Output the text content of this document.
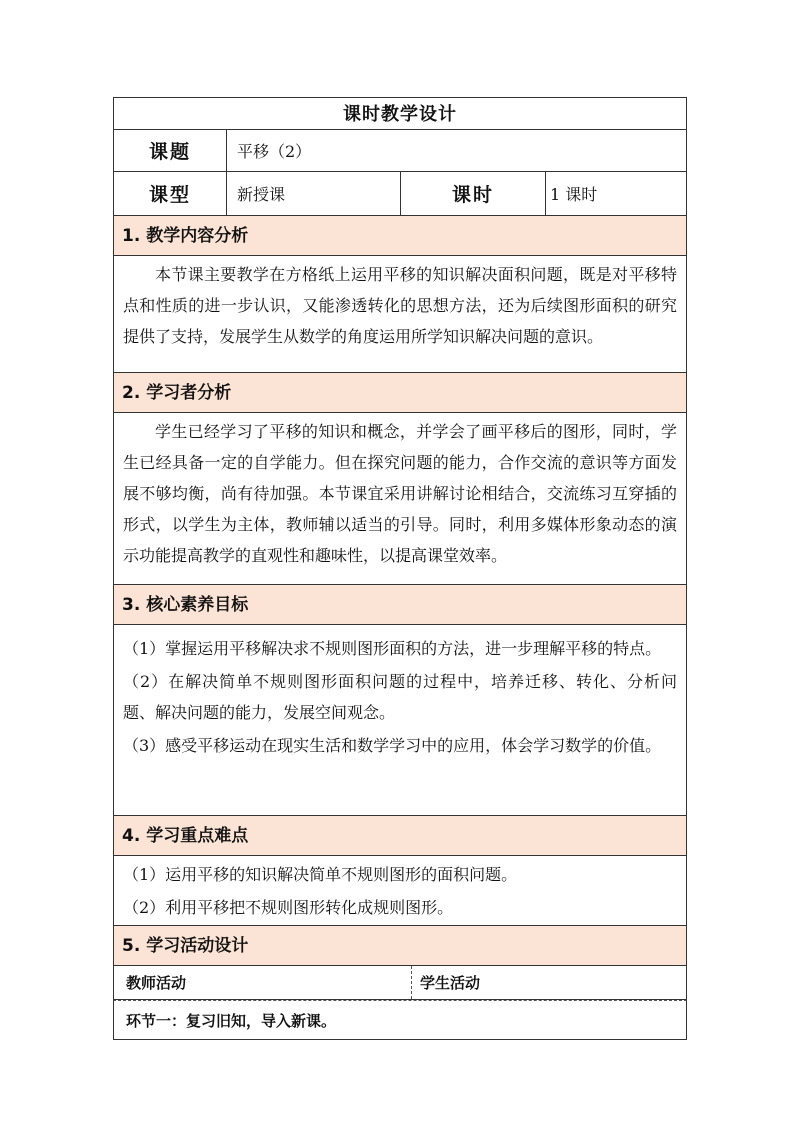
课时教学设计
课题	平移（2）
课型	新授课	课时	1 课时
1. 教学内容分析
本节课主要教学在方格纸上运用平移的知识解决面积问题，既是对平移特点和性质的进一步认识，又能渗透转化的思想方法，还为后续图形面积的研究提供了支持，发展学生从数学的角度运用所学知识解决问题的意识。
2. 学习者分析
学生已经学习了平移的知识和概念，并学会了画平移后的图形，同时，学生已经具备一定的自学能力。但在探究问题的能力，合作交流的意识等方面发展不够均衡，尚有待加强。本节课宜采用讲解讨论相结合，交流练习互穿插的形式，以学生为主体，教师辅以适当的引导。同时，利用多媒体形象动态的演示功能提高教学的直观性和趣味性，以提高课堂效率。
3. 核心素养目标

（1）掌握运用平移解决求不规则图形面积的方法，进一步理解平移的特点。

（2）在解决简单不规则图形面积问题的过程中，培养迁移、转化、分析问题、解决问题的能力，发展空间观念。

（3）感受平移运动在现实生活和数学学习中的应用，体会学习数学的价值。

4. 学习重点难点

（1）运用平移的知识解决简单不规则图形的面积问题。

（2）利用平移把不规则图形转化成规则图形。

5. 学习活动设计
教师活动	学生活动
环节一：复习旧知，导入新课。
